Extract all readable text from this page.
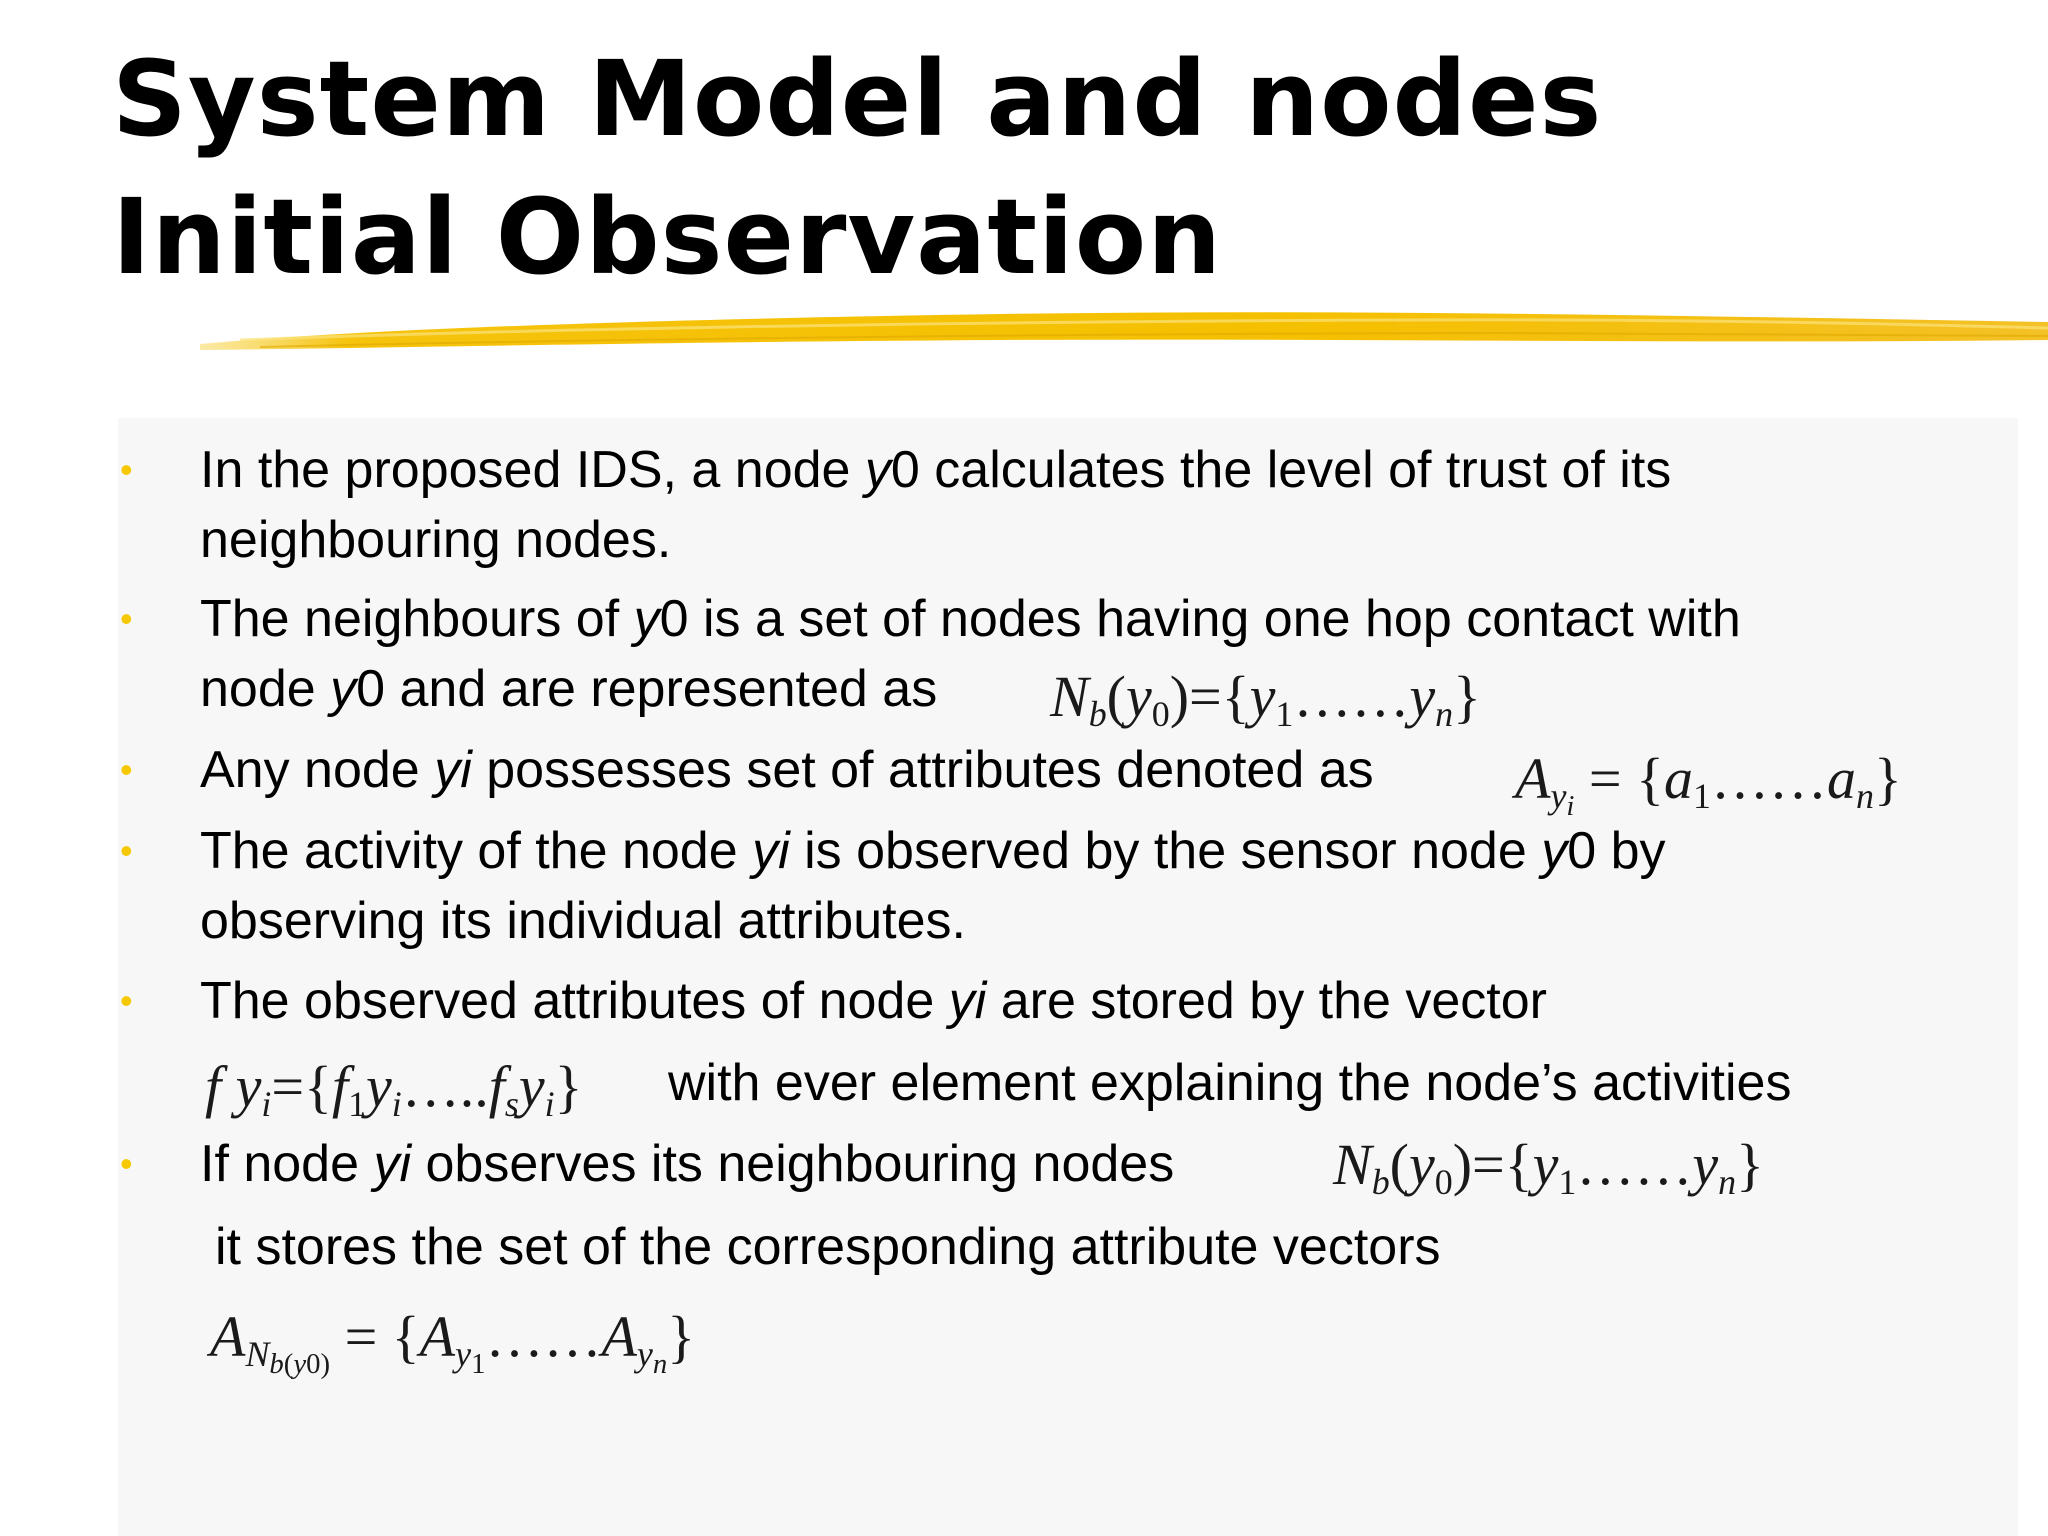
System Model and nodes
Initial Observation
• In the proposed IDS, a node y0 calculates the level of trust of its
neighbouring nodes.
• The neighbours of y0 is a set of nodes having one hop contact with
node y0 and are represented as $N_b(y_0)=\{y_1\dots\dots y_n\}$
• Any node yi possesses set of attributes denoted as $A_{y_i}$ = $\{a_1\dots\dots a_n\}$
• The activity of the node yi is observed by the sensor node y0 by
observing its individual attributes.
• The observed attributes of node yi are stored by the vector
f $y_i=\{f_1y_i\dots..f_sy_i\}$ with ever element explaining the node’s activities
• If node yi observes its neighbouring nodes	$N_b(y_0)=\{y_1\dots\dots y_n\}$
it stores the set of the corresponding attribute vectors
$A_{N_{b(y0)}}$ = $\{A_{y_1}\dots\dots A_{y_n}\}$
